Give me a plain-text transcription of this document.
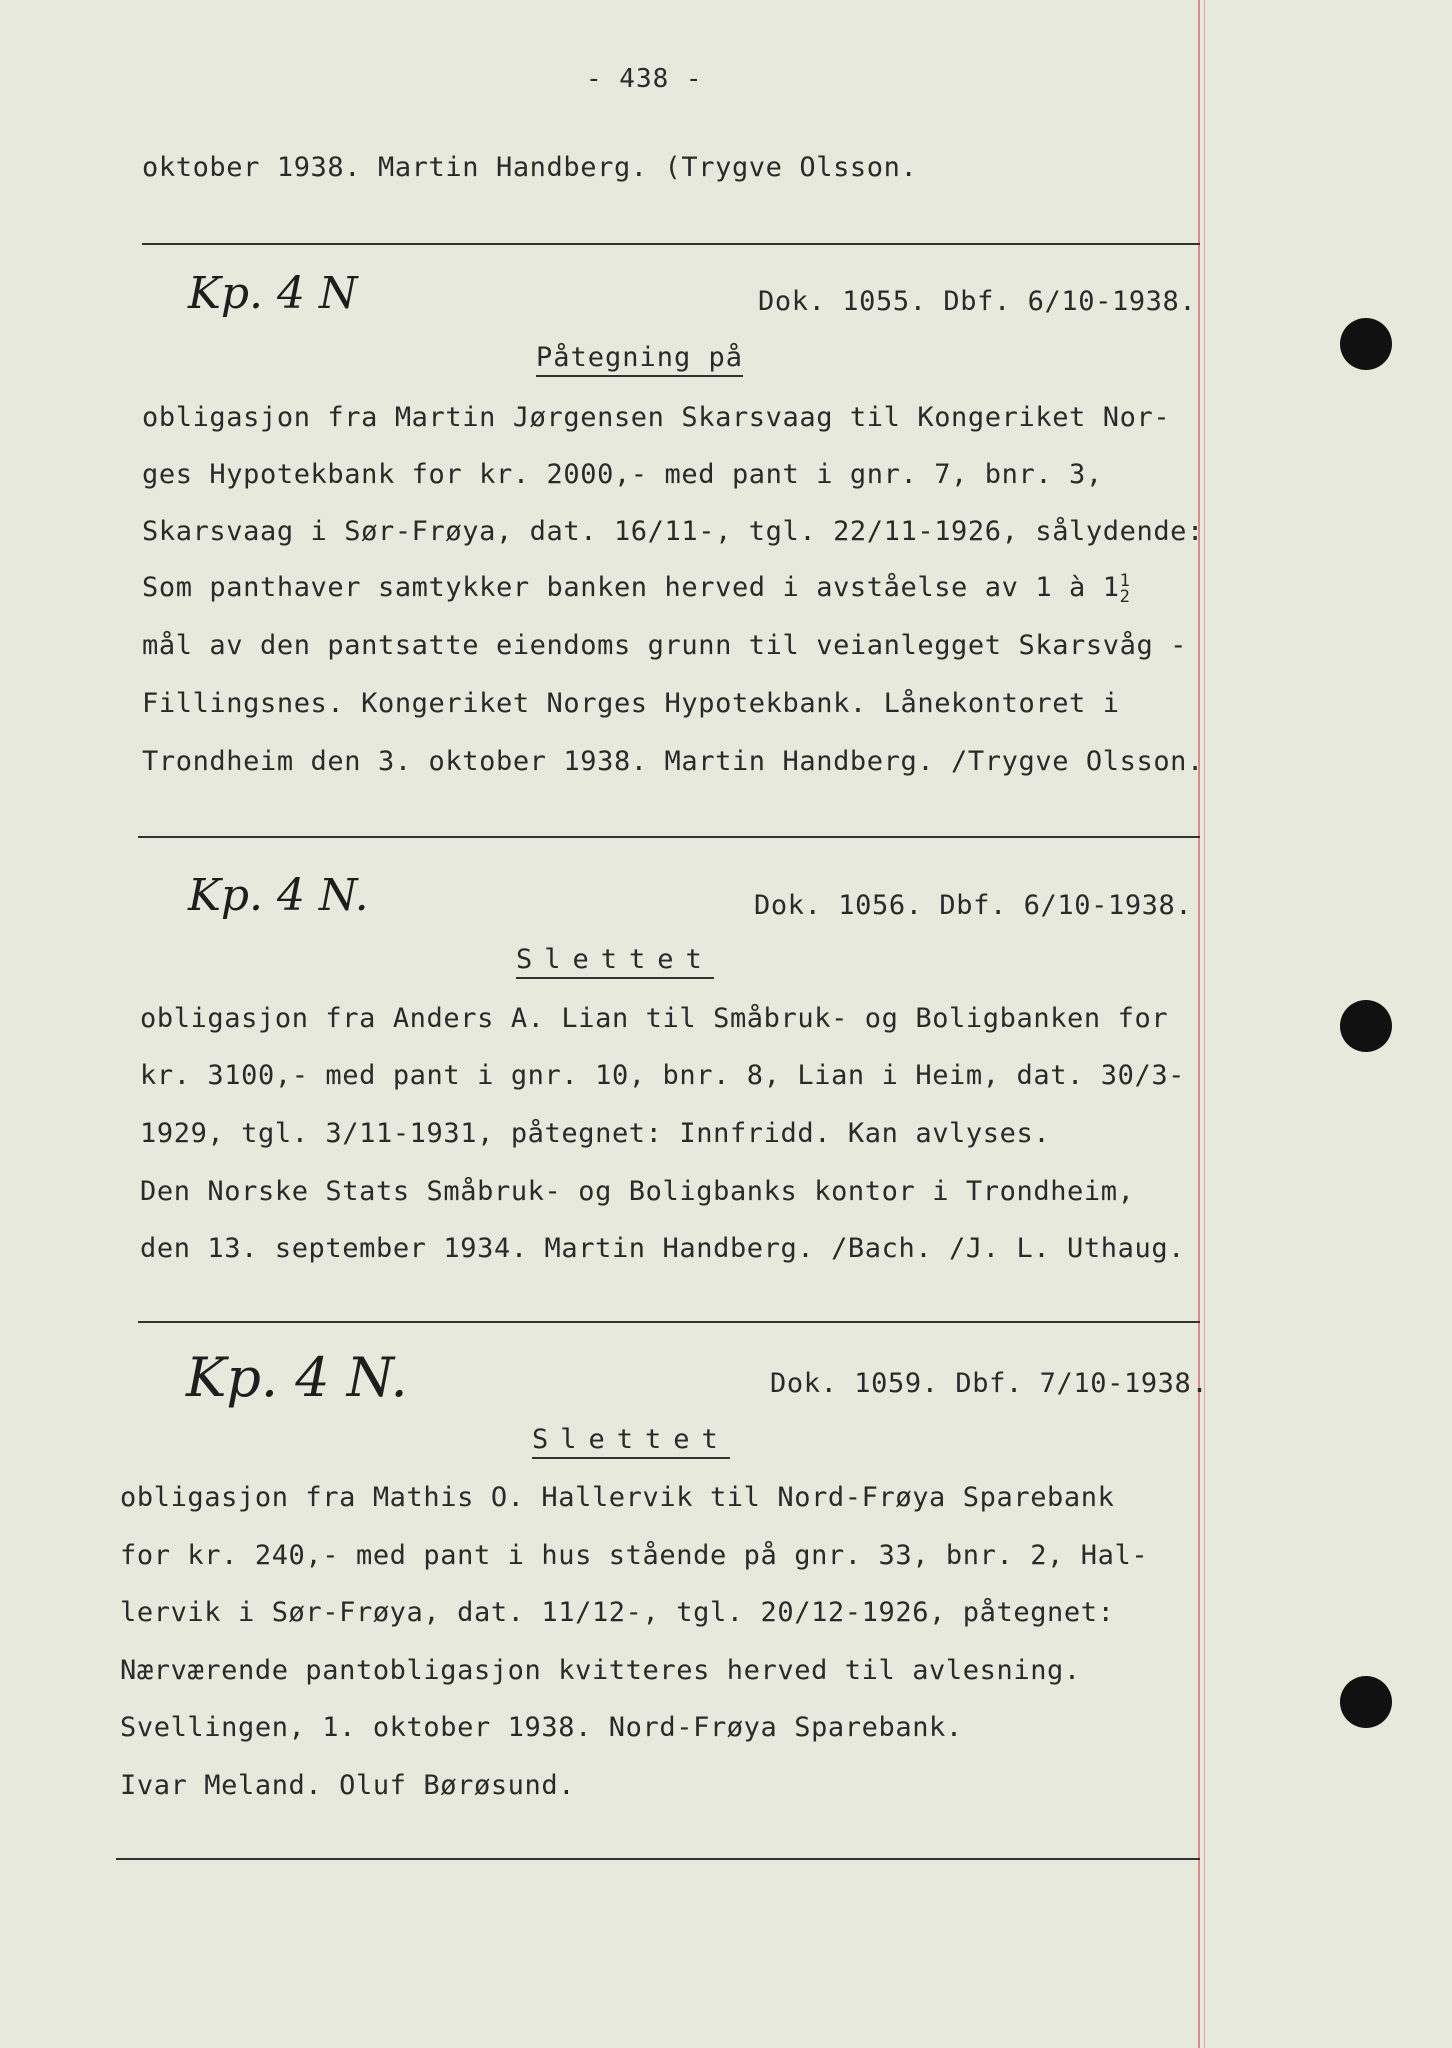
- 438 -
oktober 1938. Martin Handberg. (Trygve Olsson.
Kp. 4 N	Dok. 1055. Dbf. 6/10-1938.
Påtegning på
obligasjon fra Martin Jørgensen Skarsvaag til Kongeriket Nor-
ges Hypotekbank for kr. 2000,- med pant i gnr. 7, bnr. 3,
Skarsvaag i Sør-Frøya, dat. 16/11-, tgl. 22/11-1926, sålydende:
Som panthaver samtykker banken herved i avståelse av 1 à 11
2
mål av den pantsatte eiendoms grunn til veianlegget Skarsvåg -
Fillingsnes. Kongeriket Norges Hypotekbank. Lånekontoret i
Trondheim den 3. oktober 1938. Martin Handberg. /Trygve Olsson.
Kp. 4 N.	Dok. 1056. Dbf. 6/10-1938.
Slettet
obligasjon fra Anders A. Lian til Småbruk- og Boligbanken for
kr. 3100,- med pant i gnr. 10, bnr. 8, Lian i Heim, dat. 30/3-
1929, tgl. 3/11-1931, påtegnet: Innfridd. Kan avlyses.
Den Norske Stats Småbruk- og Boligbanks kontor i Trondheim,
den 13. september 1934. Martin Handberg. /Bach. /J. L. Uthaug.
Kp. 4 N.	Dok. 1059. Dbf. 7/10-1938.
Slettet
obligasjon fra Mathis O. Hallervik til Nord-Frøya Sparebank
for kr. 240,- med pant i hus stående på gnr. 33, bnr. 2, Hal-
lervik i Sør-Frøya, dat. 11/12-, tgl. 20/12-1926, påtegnet:
Nærværende pantobligasjon kvitteres herved til avlesning.
Svellingen, 1. oktober 1938. Nord-Frøya Sparebank.
Ivar Meland. Oluf Børøsund.
